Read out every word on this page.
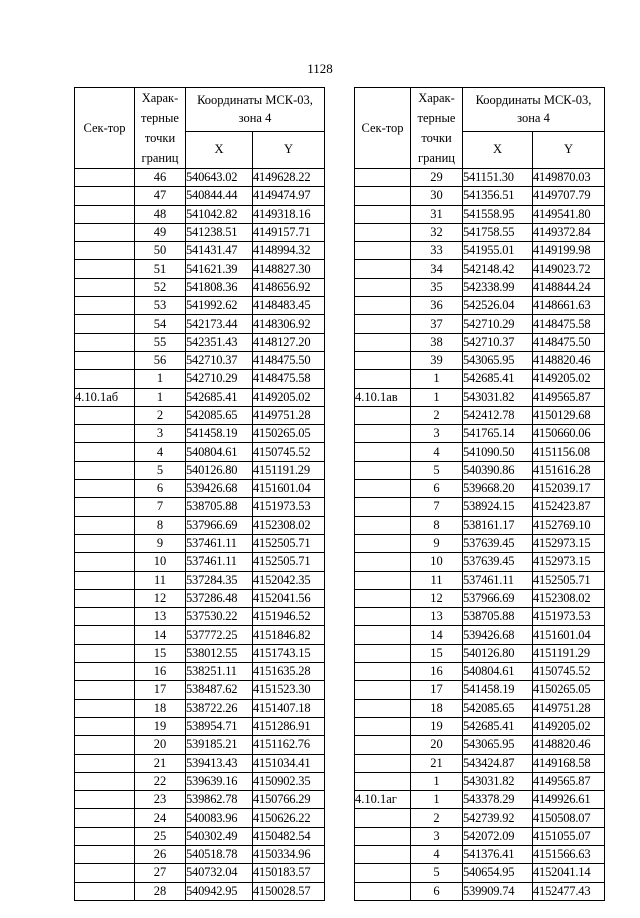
1128
Сек-тор	Харак-терные точки границ	Координаты МСК-03, зона 4	
		X	Y
	46	540643.02	4149628.22
	47	540844.44	4149474.97
	48	541042.82	4149318.16
	49	541238.51	4149157.71
	50	541431.47	4148994.32
	51	541621.39	4148827.30
	52	541808.36	4148656.92
	53	541992.62	4148483.45
	54	542173.44	4148306.92
	55	542351.43	4148127.20
	56	542710.37	4148475.50
	1	542710.29	4148475.58
4.10.1аб	1	542685.41	4149205.02
	2	542085.65	4149751.28
	3	541458.19	4150265.05
	4	540804.61	4150745.52
	5	540126.80	4151191.29
	6	539426.68	4151601.04
	7	538705.88	4151973.53
	8	537966.69	4152308.02
	9	537461.11	4152505.71
	10	537461.11	4152505.71
	11	537284.35	4152042.35
	12	537286.48	4152041.56
	13	537530.22	4151946.52
	14	537772.25	4151846.82
	15	538012.55	4151743.15
	16	538251.11	4151635.28
	17	538487.62	4151523.30
	18	538722.26	4151407.18
	19	538954.71	4151286.91
	20	539185.21	4151162.76
	21	539413.43	4151034.41
	22	539639.16	4150902.35
	23	539862.78	4150766.29
	24	540083.96	4150626.22
	25	540302.49	4150482.54
	26	540518.78	4150334.96
	27	540732.04	4150183.57
	28	540942.95	4150028.57
Сек-тор	Харак-терные точки границ	Координаты МСК-03, зона 4	
		X	Y
	29	541151.30	4149870.03
	30	541356.51	4149707.79
	31	541558.95	4149541.80
	32	541758.55	4149372.84
	33	541955.01	4149199.98
	34	542148.42	4149023.72
	35	542338.99	4148844.24
	36	542526.04	4148661.63
	37	542710.29	4148475.58
	38	542710.37	4148475.50
	39	543065.95	4148820.46
	1	542685.41	4149205.02
4.10.1ав	1	543031.82	4149565.87
	2	542412.78	4150129.68
	3	541765.14	4150660.06
	4	541090.50	4151156.08
	5	540390.86	4151616.28
	6	539668.20	4152039.17
	7	538924.15	4152423.87
	8	538161.17	4152769.10
	9	537639.45	4152973.15
	10	537639.45	4152973.15
	11	537461.11	4152505.71
	12	537966.69	4152308.02
	13	538705.88	4151973.53
	14	539426.68	4151601.04
	15	540126.80	4151191.29
	16	540804.61	4150745.52
	17	541458.19	4150265.05
	18	542085.65	4149751.28
	19	542685.41	4149205.02
	20	543065.95	4148820.46
	21	543424.87	4149168.58
	1	543031.82	4149565.87
4.10.1аг	1	543378.29	4149926.61
	2	542739.92	4150508.07
	3	542072.09	4151055.07
	4	541376.41	4151566.63
	5	540654.95	4152041.14
	6	539909.74	4152477.43
